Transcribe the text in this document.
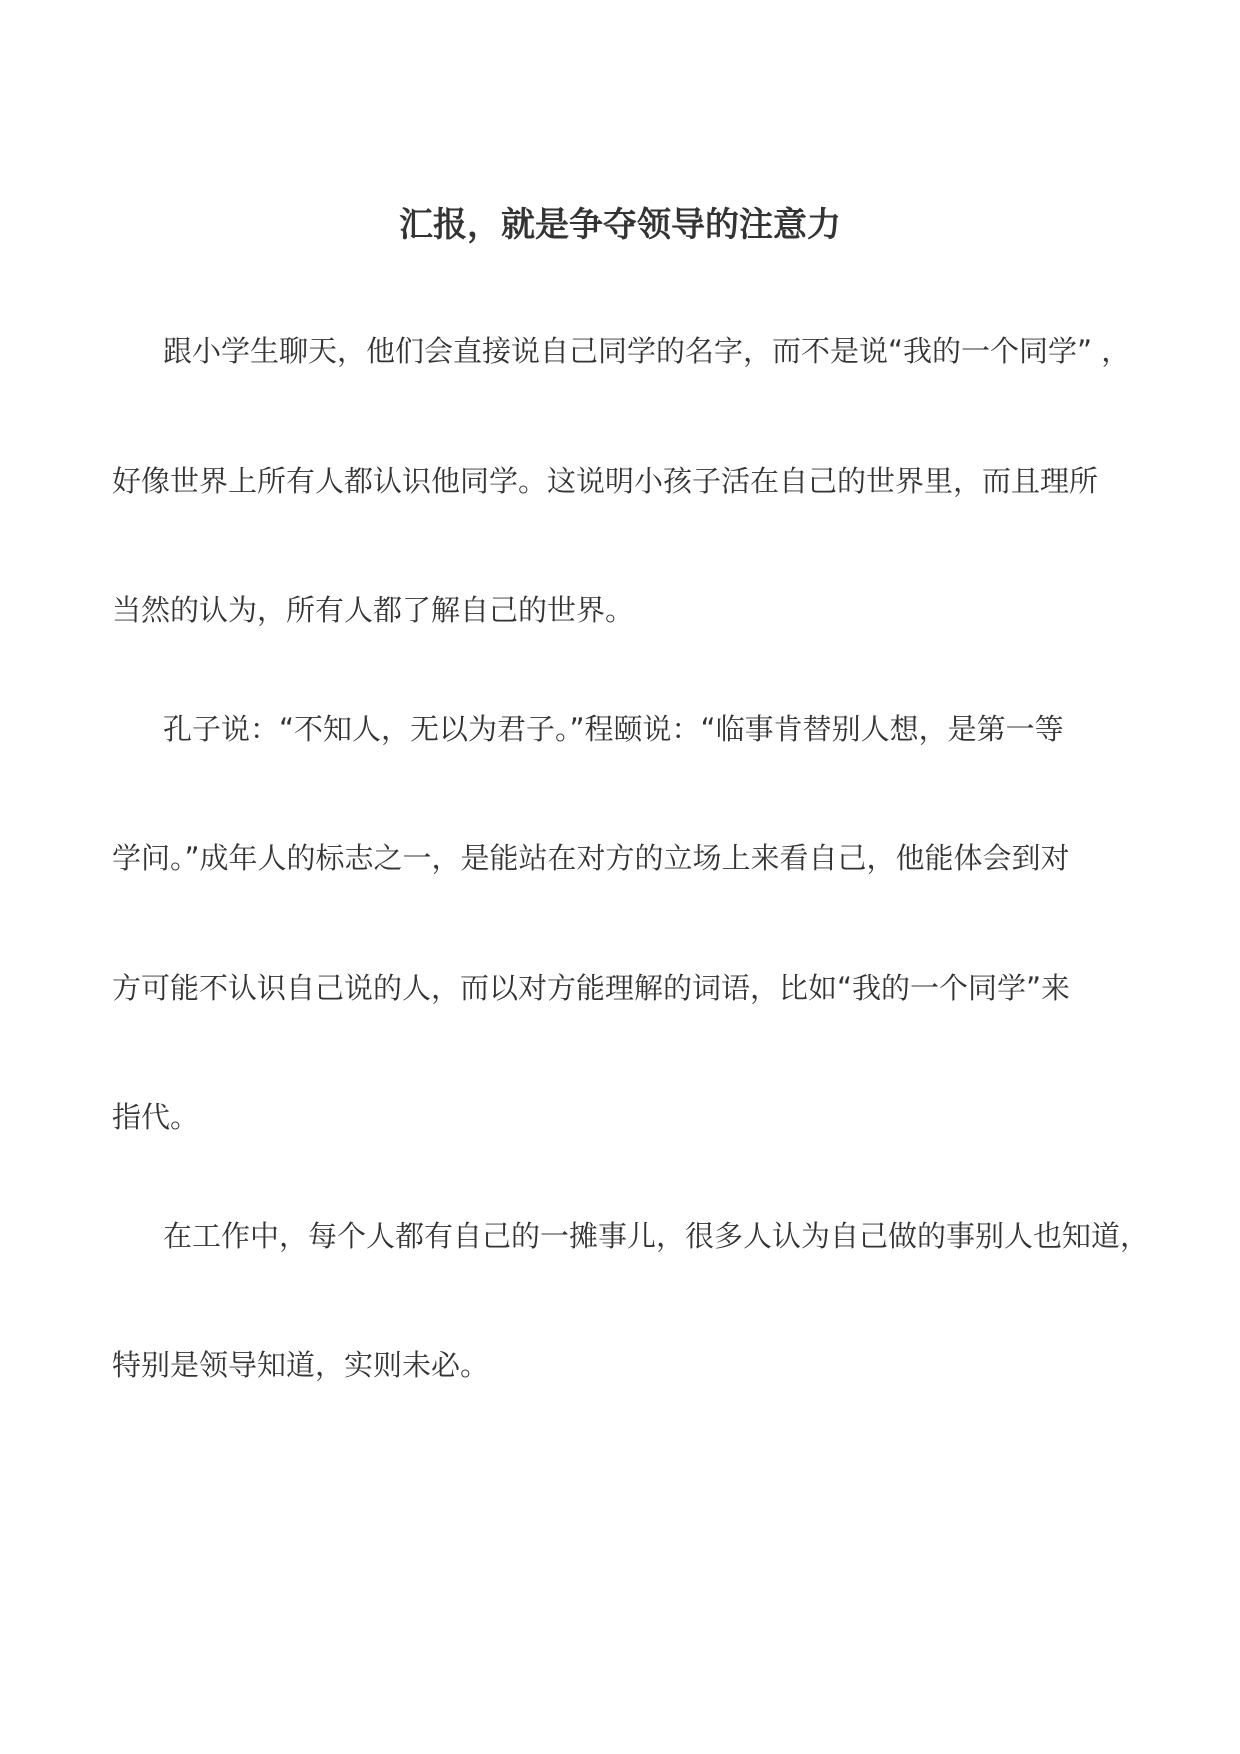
汇报，就是争夺领导的注意力

跟小学生聊天，他们会直接说自己同学的名字，而不是说“我的一个同学” ，

好像世界上所有人都认识他同学。这说明小孩子活在自己的世界里，而且理所

当然的认为，所有人都了解自己的世界。

孔子说：“不知人，无以为君子。”程颐说：“临事肯替别人想，是第一等

学问。”成年人的标志之一，是能站在对方的立场上来看自己，他能体会到对

方可能不认识自己说的人，而以对方能理解的词语，比如“我的一个同学”来

指代。

在工作中，每个人都有自己的一摊事儿，很多人认为自己做的事别人也知道，

特别是领导知道，实则未必。
